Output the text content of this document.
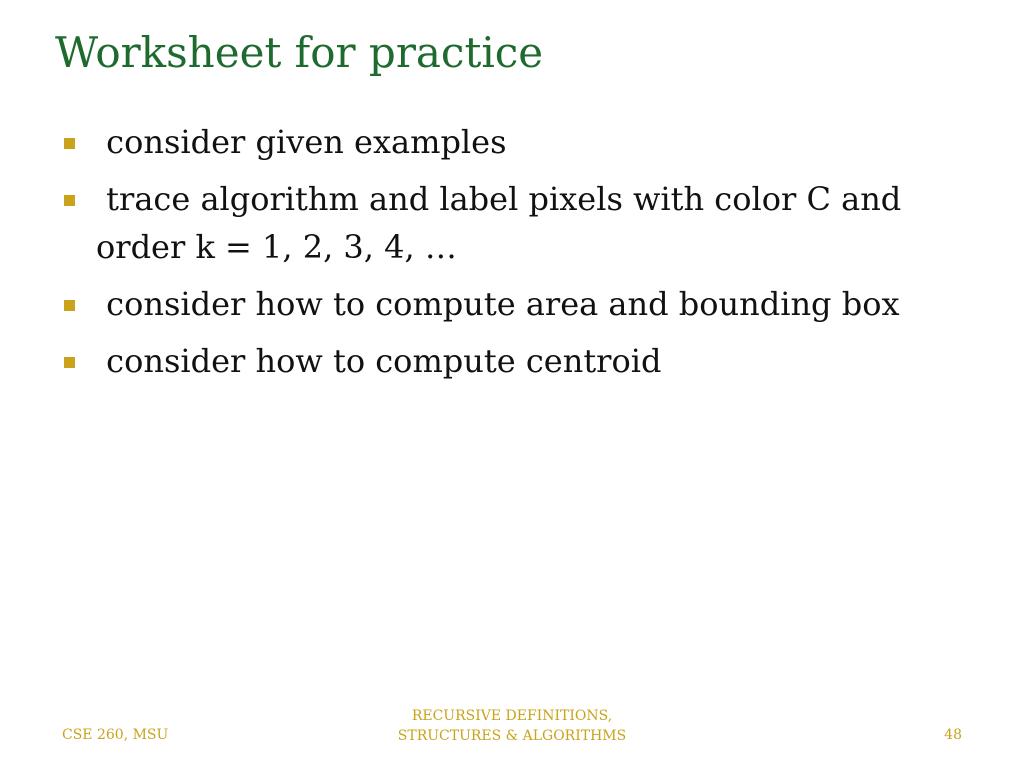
Worksheet for practice
consider given examples
trace algorithm and label pixels with color C and order k = 1, 2, 3, 4, …
consider how to compute area and bounding box
consider how to compute centroid
CSE 260, MSU
RECURSIVE DEFINITIONS,
STRUCTURES & ALGORITHMS	48
